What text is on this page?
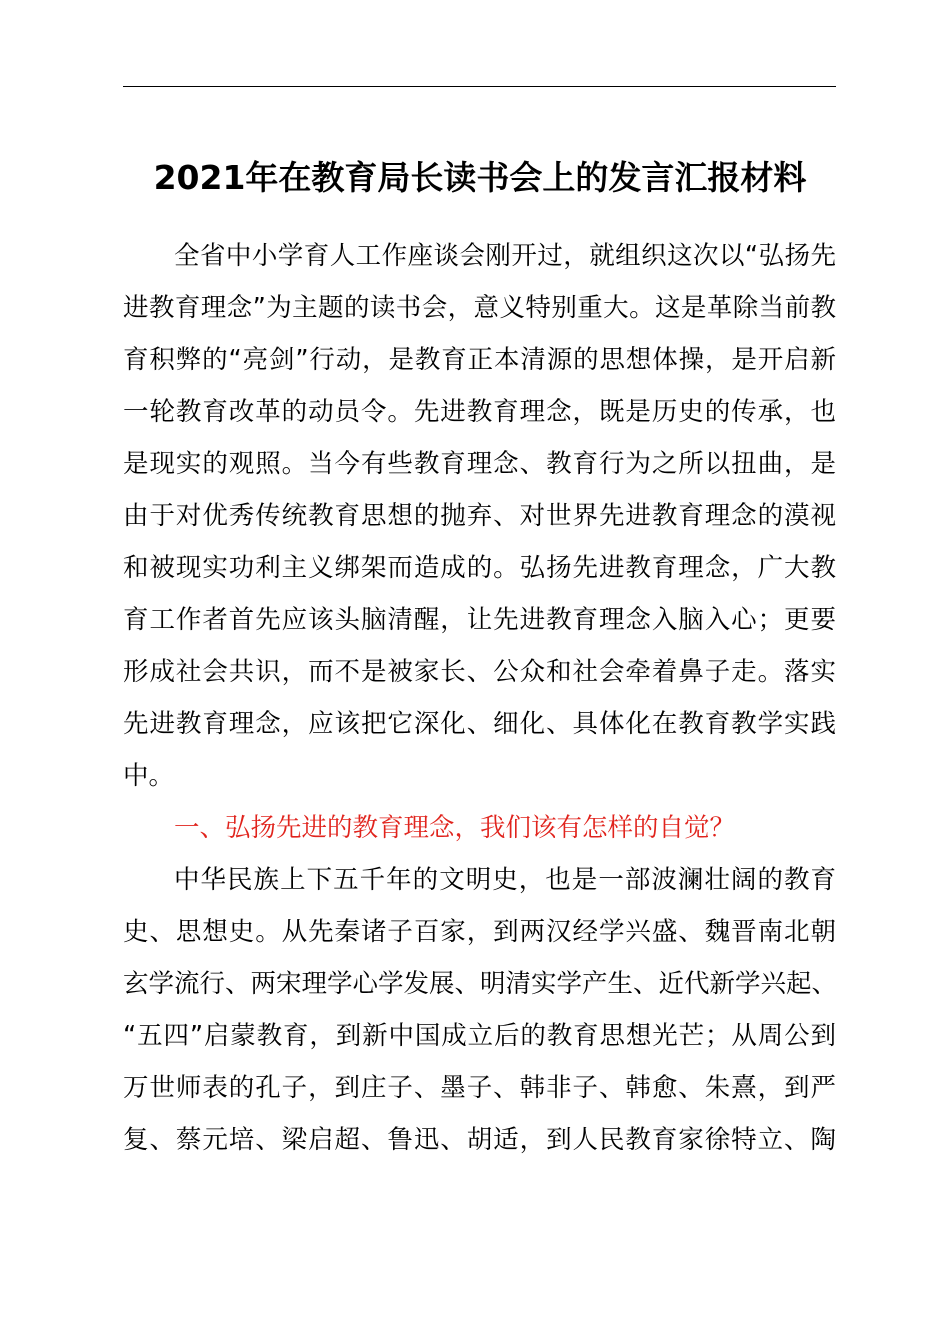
2021年在教育局长读书会上的发言汇报材料
全省中小学育人工作座谈会刚开过，就组织这次以“弘扬先
进教育理念”为主题的读书会，意义特别重大。这是革除当前教
育积弊的“亮剑”行动，是教育正本清源的思想体操，是开启新
一轮教育改革的动员令。先进教育理念，既是历史的传承，也
是现实的观照。当今有些教育理念、教育行为之所以扭曲，是
由于对优秀传统教育思想的抛弃、对世界先进教育理念的漠视
和被现实功利主义绑架而造成的。弘扬先进教育理念，广大教
育工作者首先应该头脑清醒，让先进教育理念入脑入心；更要
形成社会共识，而不是被家长、公众和社会牵着鼻子走。落实
先进教育理念，应该把它深化、细化、具体化在教育教学实践
中。
一、弘扬先进的教育理念，我们该有怎样的自觉？
中华民族上下五千年的文明史，也是一部波澜壮阔的教育
史、思想史。从先秦诸子百家，到两汉经学兴盛、魏晋南北朝
玄学流行、两宋理学心学发展、明清实学产生、近代新学兴起、
“五四”启蒙教育，到新中国成立后的教育思想光芒；从周公到
万世师表的孔子，到庄子、墨子、韩非子、韩愈、朱熹，到严
复、蔡元培、梁启超、鲁迅、胡适，到人民教育家徐特立、陶
